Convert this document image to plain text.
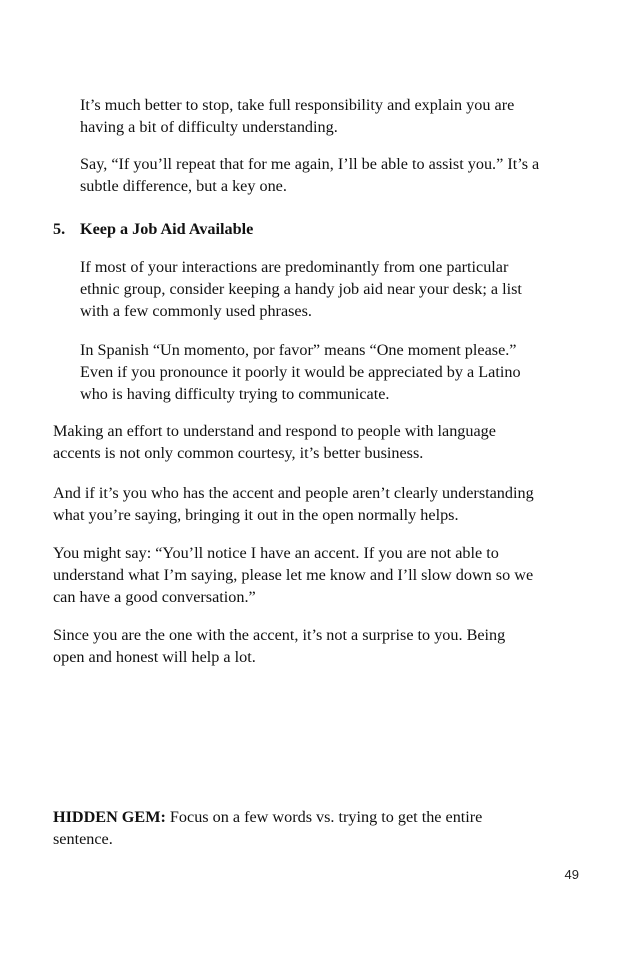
It’s much better to stop, take full responsibility and explain you are
having a bit of difficulty understanding.
Say, “If you’ll repeat that for me again, I’ll be able to assist you.” It’s a
subtle difference, but a key one.
5. Keep a Job Aid Available
If most of your interactions are predominantly from one particular
ethnic group, consider keeping a handy job aid near your desk; a list
with a few commonly used phrases.
In Spanish “Un momento, por favor” means “One moment please.”
Even if you pronounce it poorly it would be appreciated by a Latino
who is having difficulty trying to communicate.
Making an effort to understand and respond to people with language
accents is not only common courtesy, it’s better business.
And if it’s you who has the accent and people aren’t clearly understanding
what you’re saying, bringing it out in the open normally helps.
You might say: “You’ll notice I have an accent. If you are not able to
understand what I’m saying, please let me know and I’ll slow down so we
can have a good conversation.”
Since you are the one with the accent, it’s not a surprise to you. Being
open and honest will help a lot.
HIDDEN GEM: Focus on a few words vs. trying to get the entire
sentence.
49
